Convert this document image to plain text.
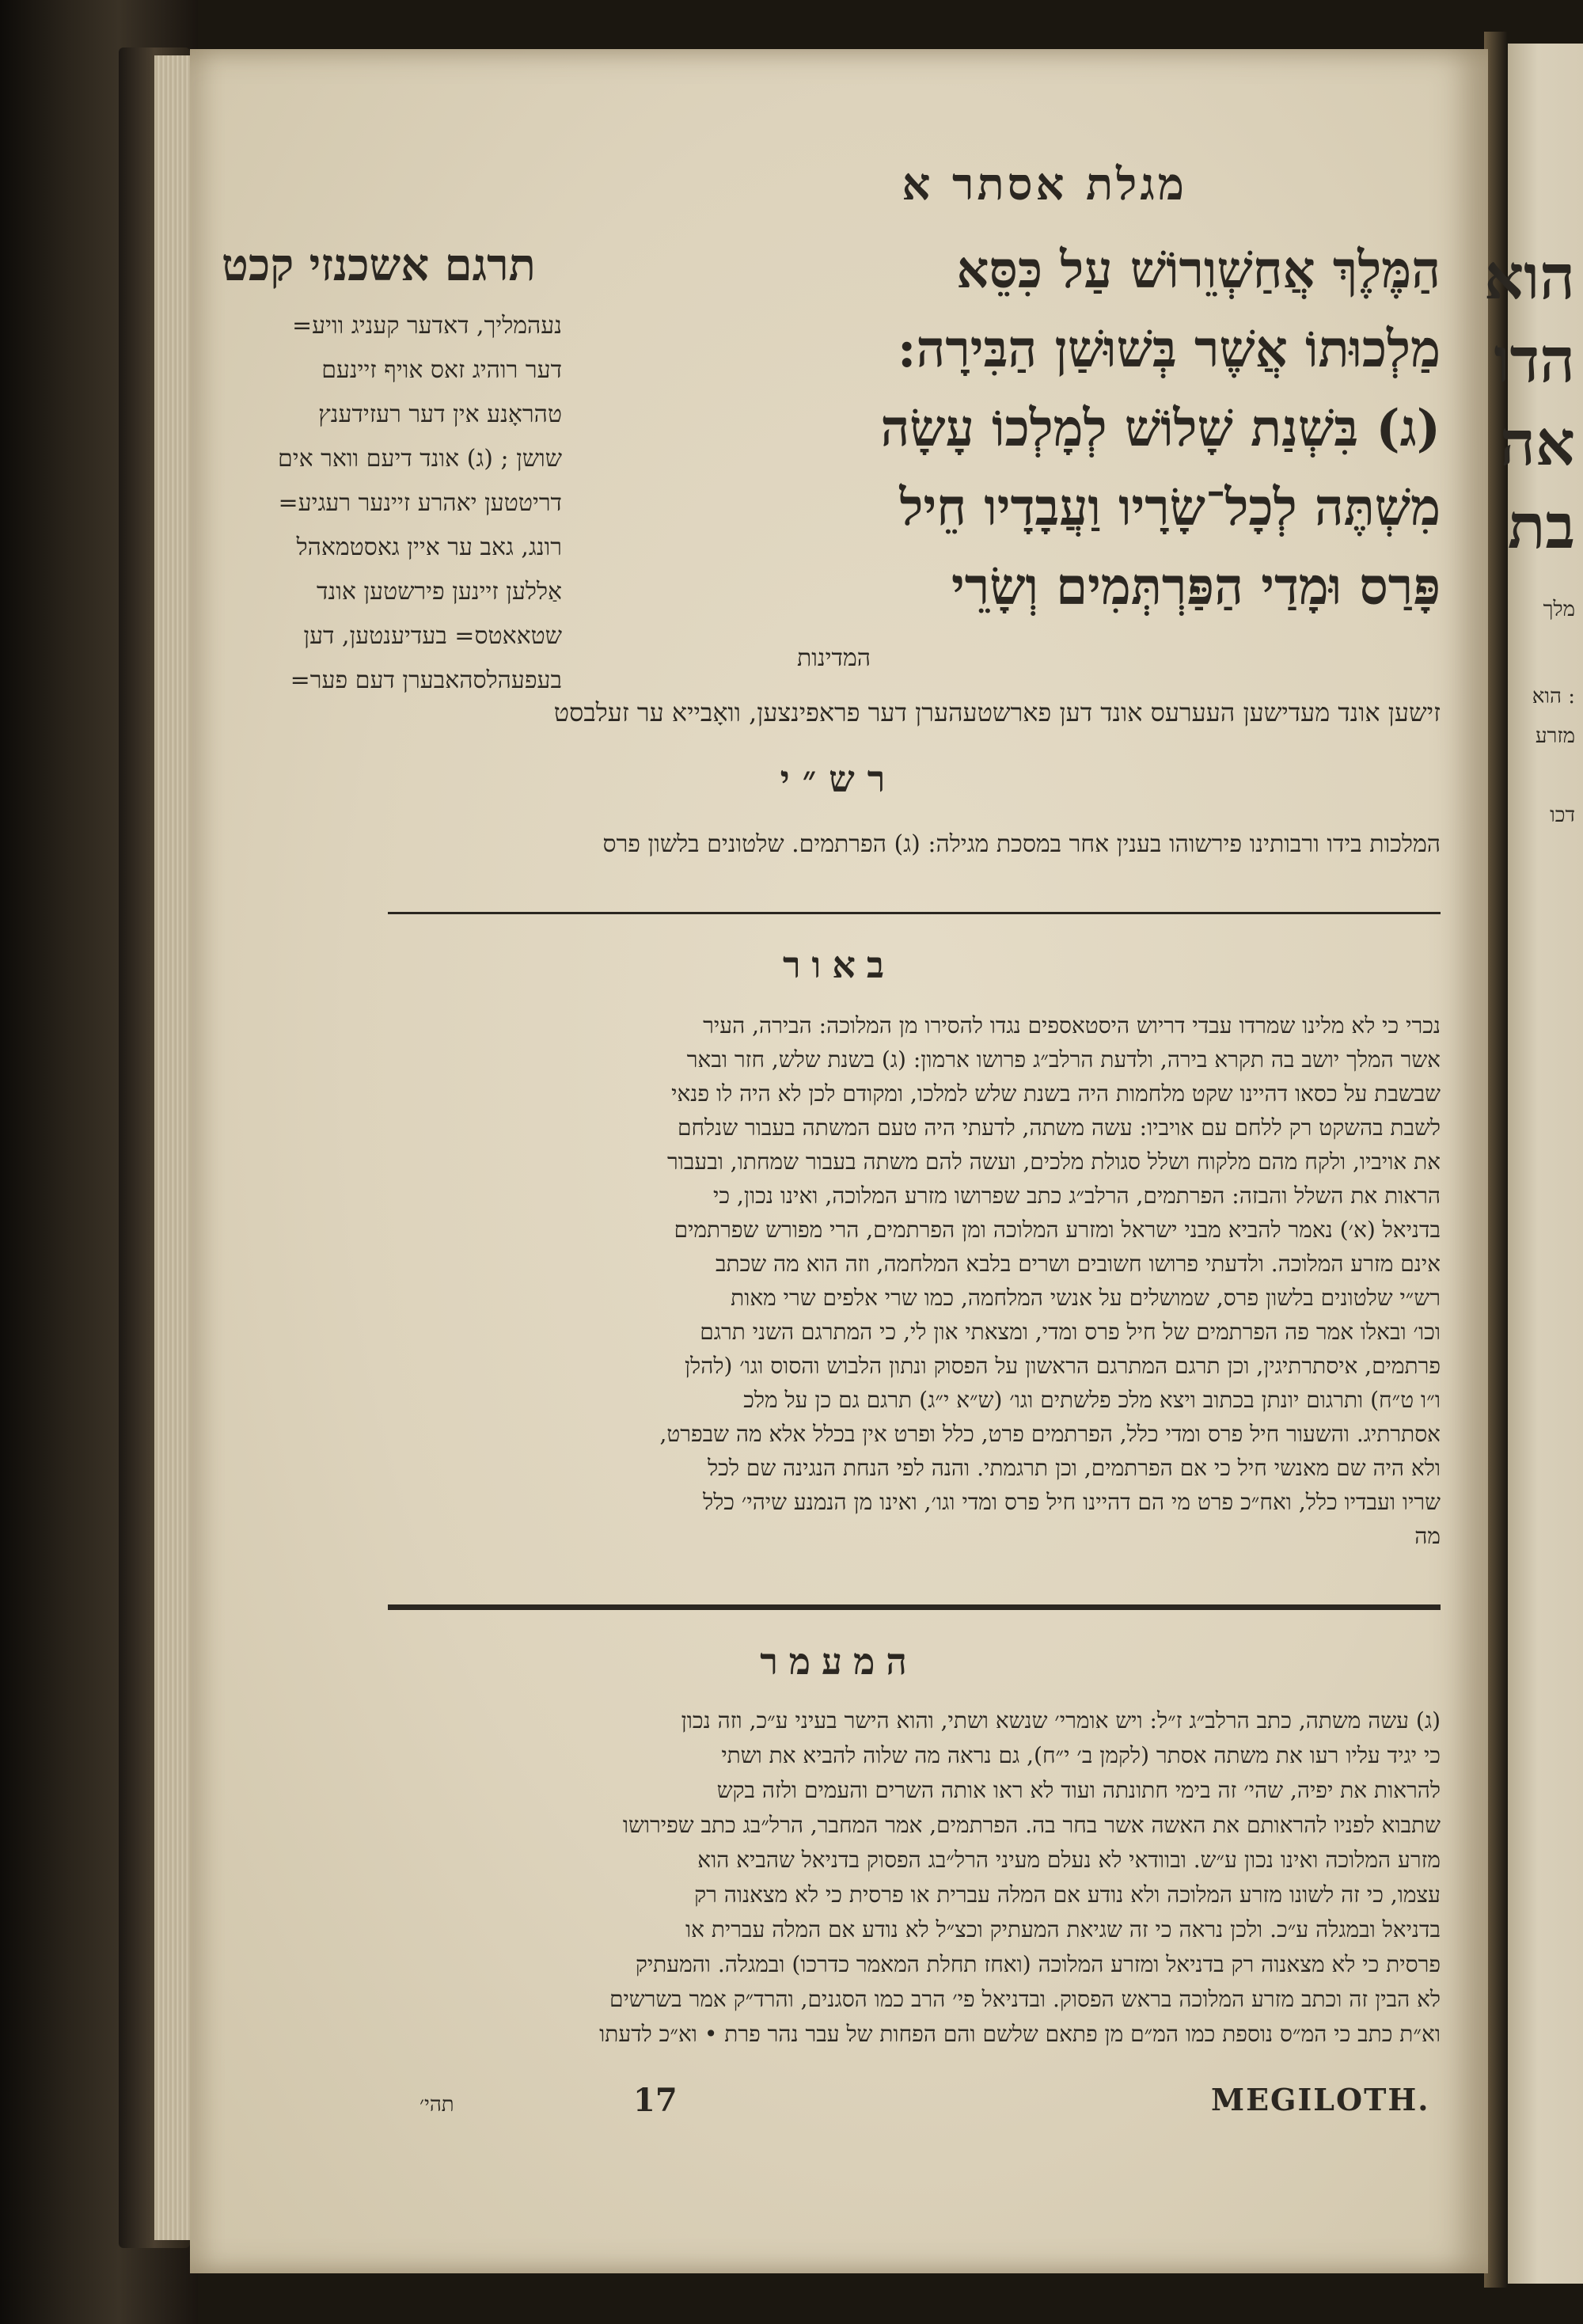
מגלת אסתר א
תרגם אשכנזי קכט	הַמֶּלֶךְ אֲחַשְׁוֵרוֹשׁ עַל כִּסֵּא
מַלְכוּתוֹ אֲשֶׁר בְּשׁוּשַׁן הַבִּירָה:
(ג) בִּשְׁנַת שָׁלוֹשׁ לְמָלְכוֹ עָשָׂה
מִשְׁתֶּה לְכָל־שָׂרָיו וַעֲבָדָיו חֵיל
פָּרַס וּמָדַי הַפַּרְתְּמִים וְשָׂרֵי
המדינות
נעהמליך, דאדער קעניג וויע=
דער רוהיג זאס אויף זיינעם
טהראָנע אין דער רעזידענץ
שושן ; (ג) אונד דיעם וואר אים
דריטטען יאהרע זיינער רעגיע=
רונג, גאב ער איין גאסטמאהל
אַללען זיינען פירשטען אונד
שטאאטס= בעדיענטען, דען
בעפעהלסהאבערן דעם פער=
זישען אונד מעדישען העערעס אונד דען פארשטעהערן דער פראפינצען, וואָבייא ער זעלבסט
רש״י
המלכות בידו ורבותינו פירשוהו בענין אחר במסכת מגילה: (ג) הפרתמים. שלטונים בלשון פרס
באור
נכרי כי לא מלינו שמרדו עבדי דריוש היסטאספים נגדו להסירו מן המלוכה: הבירה, העיר
אשר המלך יושב בה תקרא בירה, ולדעת הרלב״ג פרושו ארמון: (ג) בשנת שלש, חזר ובאר
שבשבת על כסאו דהיינו שקט מלחמות היה בשנת שלש למלכו, ומקודם לכן לא היה לו פנאי
לשבת בהשקט רק ללחם עם אויביו: עשה משתה, לדעתי היה טעם המשתה בעבור שנלחם
את אויביו, ולקח מהם מלקוח ושלל סגולת מלכים, ועשה להם משתה בעבור שמחתו, ובעבור
הראות את השלל והבזה: הפרתמים, הרלב״ג כתב שפרושו מזרע המלוכה, ואינו נכון, כי
בדניאל (א׳) נאמר להביא מבני ישראל ומזרע המלוכה ומן הפרתמים, הרי מפורש שפרתמים
אינם מזרע המלוכה. ולדעתי פרושו חשובים ושרים בלבא המלחמה, וזה הוא מה שכתב
רש״י שלטונים בלשון פרס, שמושלים על אנשי המלחמה, כמו שרי אלפים שרי מאות
וכו׳ ובאלו אמר פה הפרתמים של חיל פרס ומדי, ומצאתי און לי, כי המתרגם השני תרגם
פרתמים, איסתרתיגין, וכן תרגם המתרגם הראשון על הפסוק ונתון הלבוש והסוס וגו׳ (להלן
ו״ו ט״ח) ותרגום יונתן בכתוב ויצא מלכ פלשתים וגו׳ (ש״א י״ג) תרגם גם כן על מלכ
אסתרתיג. והשעור חיל פרס ומדי כלל, הפרתמים פרט, כלל ופרט אין בכלל אלא מה שבפרט,
ולא היה שם מאנשי חיל כי אם הפרתמים, וכן תרגמתי. והנה לפי הנחת הנגינה שם לכל
שריו ועבדיו כלל, ואח״כ פרט מי הם דהיינו חיל פרס ומדי וגו׳, ואינו מן הנמנע שיהי׳ כלל
מה
המעמר
(ג) עשה משתה, כתב הרלב״ג ז״ל: ויש אומרי׳ שנשא ושתי, והוא הישר בעיני ע״כ, וזה נכון
כי יגיד עליו רעו את משתה אסתר (לקמן ב׳ י״ח), גם נראה מה שלוה להביא את ושתי
להראות את יפיה, שהי׳ זה בימי חתונתה ועוד לא ראו אותה השרים והעמים ולזה בקש
שתבוא לפניו להראותם את האשה אשר בחר בה. הפרתמים, אמר המחבר, הרל״בג כתב שפירושו
מזרע המלוכה ואינו נכון ע״ש. ובוודאי לא נעלם מעיני הרל״בג הפסוק בדניאל שהביא הוא
עצמו, כי זה לשונו מזרע המלוכה ולא נודע אם המלה עברית או פרסית כי לא מצאנוה רק
בדניאל ובמגלה ע״כ. ולכן נראה כי זה שגיאת המעתיק וכצ״ל לא נודע אם המלה עברית או
פרסית כי לא מצאנוה רק בדניאל ומזרע המלוכה (ואחז תחלת המאמר כדרכו) ובמגלה. והמעתיק
לא הבין זה וכתב מזרע המלוכה בראש הפסוק. ובדניאל פי׳ הרב כמו הסגנים, והרד״ק אמר בשרשים
וא״ת כתב כי המ״ס נוספת כמו המ״ם מן פתאם שלשם והם הפחות של עבר נהר פרת • וא״כ לדעתו
תהי׳	17	MEGILOTH.
הוא
הדו
אה
בת
מלך
: הוא
מזרע
דכו
